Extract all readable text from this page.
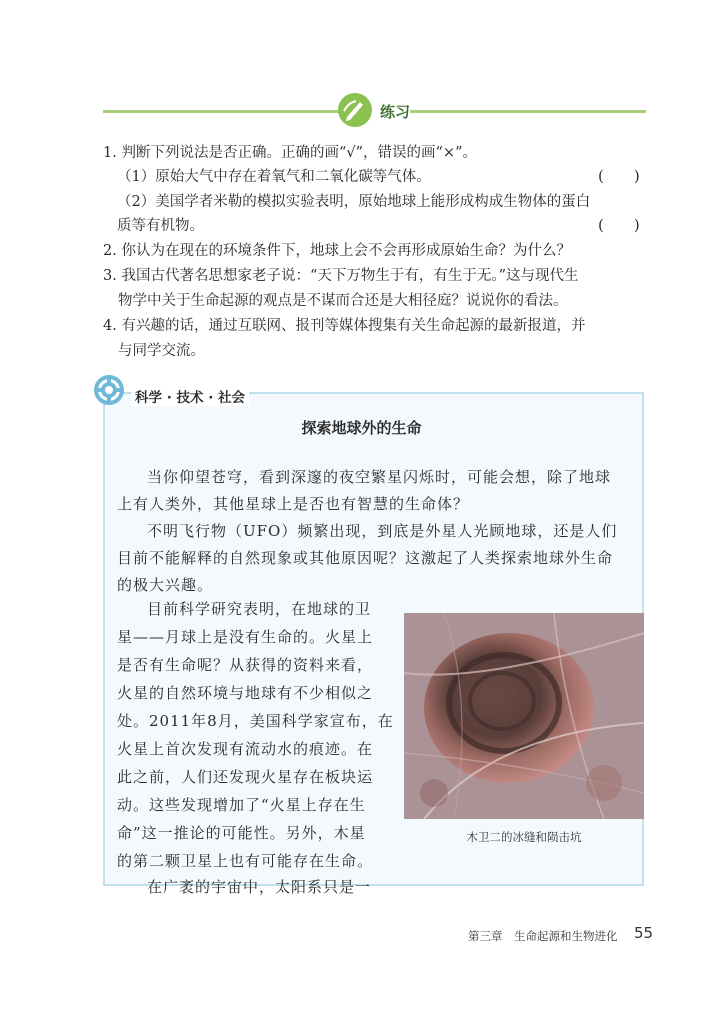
练习
1. 判断下列说法是否正确。正确的画“√”，错误的画“×”。
（1）原始大气中存在着氧气和二氧化碳等气体。	(　　)
（2）美国学者米勒的模拟实验表明，原始地球上能形成构成生物体的蛋白
质等有机物。	(　　)
2. 你认为在现在的环境条件下，地球上会不会再形成原始生命？为什么？
3. 我国古代著名思想家老子说：“天下万物生于有，有生于无。”这与现代生
物学中关于生命起源的观点是不谋而合还是大相径庭？说说你的看法。
4. 有兴趣的话，通过互联网、报刊等媒体搜集有关生命起源的最新报道，并
与同学交流。
科学 · 技术 · 社会
探索地球外的生命
当你仰望苍穹，看到深邃的夜空繁星闪烁时，可能会想，除了地球
上有人类外，其他星球上是否也有智慧的生命体？
不明飞行物（UFO）频繁出现，到底是外星人光顾地球，还是人们
目前不能解释的自然现象或其他原因呢？这激起了人类探索地球外生命
的极大兴趣。
目前科学研究表明，在地球的卫
星——月球上是没有生命的。火星上
是否有生命呢？从获得的资料来看，
火星的自然环境与地球有不少相似之
处。2011年8月，美国科学家宣布，在
火星上首次发现有流动水的痕迹。在
此之前，人们还发现火星存在板块运
动。这些发现增加了“火星上存在生
命”这一推论的可能性。另外，木星
的第二颗卫星上也有可能存在生命。
在广袤的宇宙中，太阳系只是一
木卫二的冰缝和陨击坑
第三章　生命起源和生物进化 55
